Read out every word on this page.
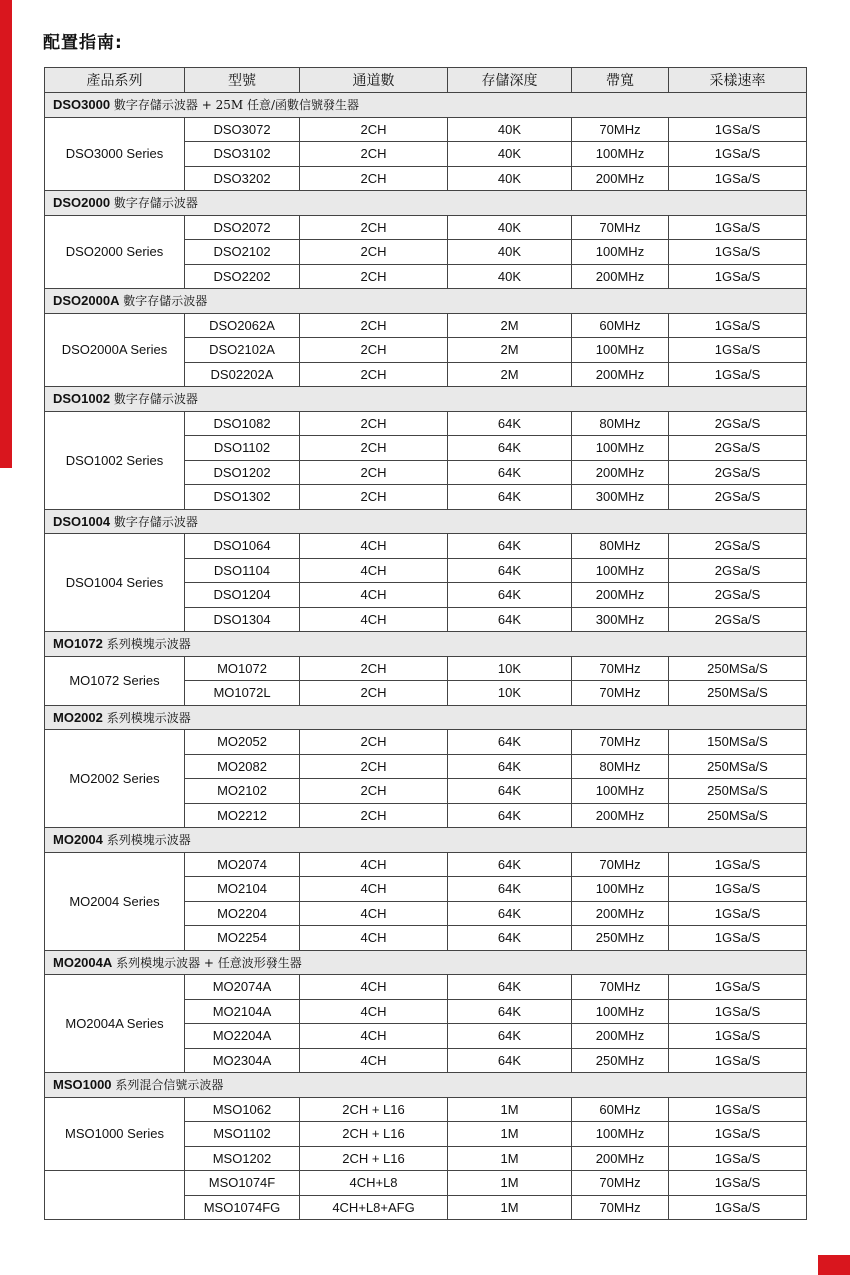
配置指南:
產品系列	型號	通道數	存儲深度	帶寬	采樣速率
DSO3000 數字存儲示波器 + 25M 任意/函數信號發生器					
DSO3000 Series	DSO3072	2CH	40K	70MHz	1GSa/S
	DSO3102	2CH	40K	100MHz	1GSa/S
	DSO3202	2CH	40K	200MHz	1GSa/S
DSO2000 數字存儲示波器					
DSO2000 Series	DSO2072	2CH	40K	70MHz	1GSa/S
	DSO2102	2CH	40K	100MHz	1GSa/S
	DSO2202	2CH	40K	200MHz	1GSa/S
DSO2000A 數字存儲示波器					
DSO2000A Series	DSO2062A	2CH	2M	60MHz	1GSa/S
	DSO2102A	2CH	2M	100MHz	1GSa/S
	DS02202A	2CH	2M	200MHz	1GSa/S
DSO1002 數字存儲示波器					
DSO1002 Series	DSO1082	2CH	64K	80MHz	2GSa/S
	DSO1102	2CH	64K	100MHz	2GSa/S
	DSO1202	2CH	64K	200MHz	2GSa/S
	DSO1302	2CH	64K	300MHz	2GSa/S
DSO1004 數字存儲示波器					
DSO1004 Series	DSO1064	4CH	64K	80MHz	2GSa/S
	DSO1104	4CH	64K	100MHz	2GSa/S
	DSO1204	4CH	64K	200MHz	2GSa/S
	DSO1304	4CH	64K	300MHz	2GSa/S
MO1072 系列模塊示波器					
MO1072 Series	MO1072	2CH	10K	70MHz	250MSa/S
	MO1072L	2CH	10K	70MHz	250MSa/S
MO2002 系列模塊示波器					
MO2002 Series	MO2052	2CH	64K	70MHz	150MSa/S
	MO2082	2CH	64K	80MHz	250MSa/S
	MO2102	2CH	64K	100MHz	250MSa/S
	MO2212	2CH	64K	200MHz	250MSa/S
MO2004 系列模塊示波器					
MO2004 Series	MO2074	4CH	64K	70MHz	1GSa/S
	MO2104	4CH	64K	100MHz	1GSa/S
	MO2204	4CH	64K	200MHz	1GSa/S
	MO2254	4CH	64K	250MHz	1GSa/S
MO2004A 系列模塊示波器 + 任意波形發生器					
MO2004A Series	MO2074A	4CH	64K	70MHz	1GSa/S
	MO2104A	4CH	64K	100MHz	1GSa/S
	MO2204A	4CH	64K	200MHz	1GSa/S
	MO2304A	4CH	64K	250MHz	1GSa/S
MSO1000 系列混合信號示波器					
MSO1000 Series	MSO1062	2CH + L16	1M	60MHz	1GSa/S
	MSO1102	2CH + L16	1M	100MHz	1GSa/S
	MSO1202	2CH + L16	1M	200MHz	1GSa/S
	MSO1074F	4CH+L8	1M	70MHz	1GSa/S
	MSO1074FG	4CH+L8+AFG	1M	70MHz	1GSa/S
